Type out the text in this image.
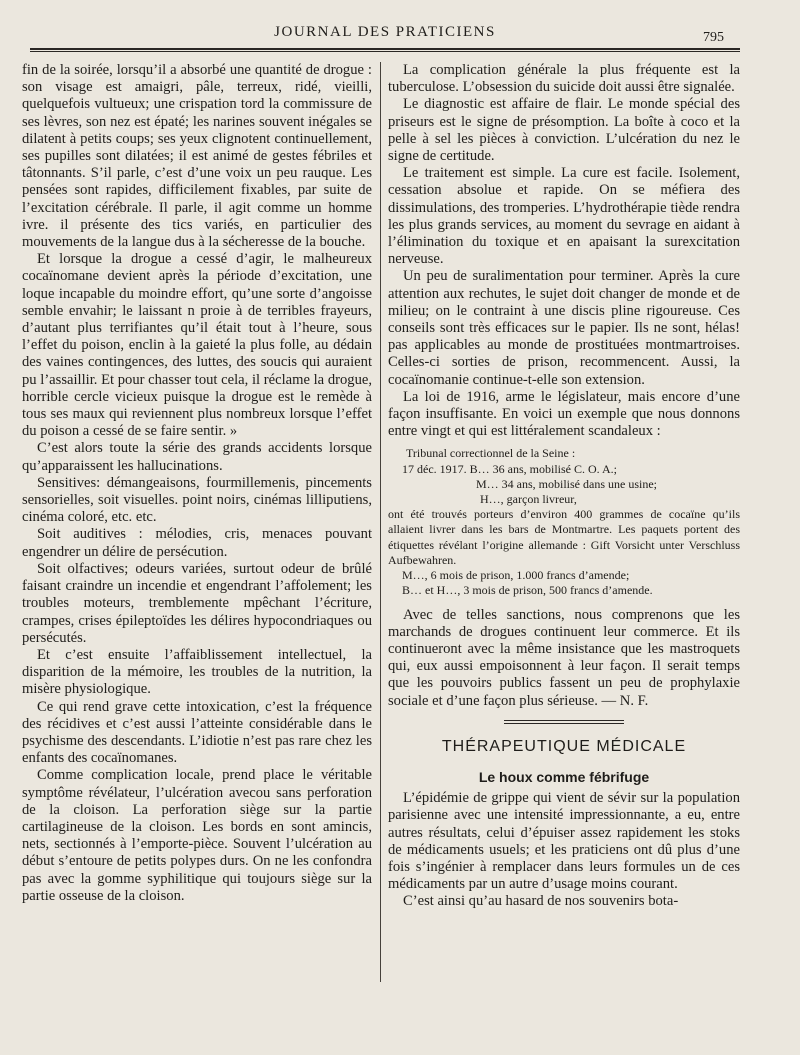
JOURNAL DES PRATICIENS	795

fin de la soirée, lorsqu’il a absorbé une quantité de drogue : son visage est amaigri, pâle, terreux, ridé, vieilli, quelquefois vultueux; une crispation tord la commissure de ses lèvres, son nez est épaté; les narines souvent inégales se dilatent à petits coups; ses yeux clignotent continuellement, ses pupilles sont dilatées; il est animé de gestes fébriles et tâtonnants. S’il parle, c’est d’une voix un peu rauque. Les pensées sont rapides, difficilement fixables, par suite de l’excitation cérébrale. Il parle, il agit comme un homme ivre. il présente des tics variés, en particulier des mouvements de la langue dus à la sécheresse de la bouche.

Et lorsque la drogue a cessé d’agir, le malheureux cocaïnomane devient après la période d’excitation, une loque incapable du moindre effort, qu’une sorte d’angoisse semble envahir; le laissant n proie à de terribles frayeurs, d’autant plus terrifiantes qu’il était tout à l’heure, sous l’effet du poison, enclin à la gaieté la plus folle, au dédain des vaines contingences, des luttes, des soucis qui auraient pu l’assaillir. Et pour chasser tout cela, il réclame la drogue, horrible cercle vicieux puisque la drogue est le remède à tous ses maux qui reviennent plus nombreux lorsque l’effet du poison a cessé de se faire sentir. »

C’est alors toute la série des grands accidents lorsque qu’apparaissent les hallucinations.

Sensitives: démangeaisons, fourmillemenis, pincements sensorielles, soit visuelles. point noirs, cinémas lilliputiens, cinéma coloré, etc. etc.

Soit auditives : mélodies, cris, menaces pouvant engendrer un délire de persécution.

Soit olfactives; odeurs variées, surtout odeur de brûlé faisant craindre un incendie et engendrant l’affolement; les troubles moteurs, tremblemente mpêchant l’écriture, crampes, crises épileptoïdes les délires hypocondriaques ou persécutés.

Et c’est ensuite l’affaiblissement intellectuel, la disparition de la mémoire, les troubles de la nutrition, la misère physiologique.

Ce qui rend grave cette intoxication, c’est la fréquence des récidives et c’est aussi l’atteinte considérable dans le psychisme des descendants. L’idiotie n’est pas rare chez les enfants des cocaïnomanes.

Comme complication locale, prend place le véritable symptôme révélateur, l’ulcération avecou sans perforation de la cloison. La perforation siège sur la partie cartilagineuse de la cloison. Les bords en sont amincis, nets, sectionnés à l’emporte-pièce. Souvent l’ulcération au début s’entoure de petits polypes durs. On ne les confondra pas avec la gomme syphilitique qui toujours siège sur la partie osseuse de la cloison.

La complication générale la plus fréquente est la tuberculose. L’obsession du suicide doit aussi être signalée.

Le diagnostic est affaire de flair. Le monde spécial des priseurs est le signe de présomption. La boîte à coco et la pelle à sel les pièces à conviction. L’ulcération du nez le signe de certitude.

Le traitement est simple. La cure est facile. Isolement, cessation absolue et rapide. On se méfiera des dissimulations, des tromperies. L’hydrothérapie tiède rendra les plus grands services, au moment du sevrage en aidant à l’élimination du toxique et en apaisant la surexcitation nerveuse.

Un peu de suralimentation pour terminer. Après la cure attention aux rechutes, le sujet doit changer de monde et de milieu; on le contraint à une discis pline rigoureuse. Ces conseils sont très efficaces sur le papier. Ils ne sont, hélas! pas applicables au monde de prostituées montmartroises. Celles-ci sorties de prison, recommencent. Aussi, la cocaïnomanie continue-t-elle son extension.

La loi de 1916, arme le législateur, mais encore d’une façon insuffisante. En voici un exemple que nous donnons entre vingt et qui est littéralement scandaleux :

Tribunal correctionnel de la Seine :

17 déc. 1917. B… 36 ans, mobilisé C. O. A.;

M… 34 ans, mobilisé dans une usine;

H…, garçon livreur,

ont été trouvés porteurs d’environ 400 grammes de cocaïne qu’ils allaient livrer dans les bars de Montmartre. Les paquets portent des étiquettes révélant l’origine allemande : Gift Vorsicht unter Verschluss Aufbewahren.

M…, 6 mois de prison, 1.000 francs d’amende;

B… et H…, 3 mois de prison, 500 francs d’amende.

Avec de telles sanctions, nous comprenons que les marchands de drogues continuent leur commerce. Et ils continueront avec la même insistance que les mastroquets qui, eux aussi empoisonnent à leur façon. Il serait temps que les pouvoirs publics fassent un peu de prophylaxie sociale et d’une façon plus sérieuse. — N. F.

THÉRAPEUTIQUE MÉDICALE
Le houx comme fébrifuge

L’épidémie de grippe qui vient de sévir sur la population parisienne avec une intensité impressionnante, a eu, entre autres résultats, celui d’épuiser assez rapidement les stoks de médicaments usuels; et les praticiens ont dû plus d’une fois s’ingénier à remplacer dans leurs formules un de ces médicaments par un autre d’usage moins courant.

C’est ainsi qu’au hasard de nos souvenirs bota-
